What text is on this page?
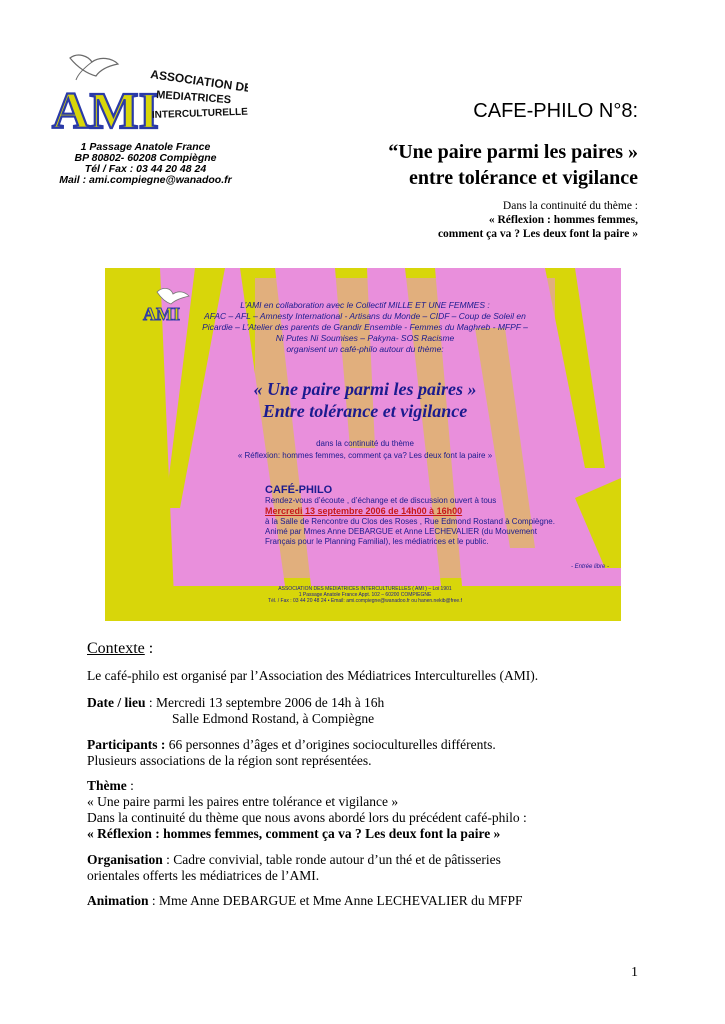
AMI
ASSOCIATION DES
MEDIATRICES
INTERCULTURELLES
1 Passage Anatole France
BP 80802- 60208 Compiègne
Tél / Fax : 03 44 20 48 24
Mail : ami.compiegne@wanadoo.fr
CAFE-PHILO N°8:
“Une paire parmi les paires »
entre tolérance et vigilance
Dans la continuité du thème :
« Réflexion : hommes femmes,
comment ça va ? Les deux font la paire »
AMI	L’AMI en collaboration avec le Collectif MILLE ET UNE FEMMES :
AFAC – AFL – Amnesty International - Artisans du Monde – CIDF – Coup de Soleil en
Picardie – L’Atelier des parents de Grandir Ensemble - Femmes du Maghreb - MFPF –
Ni Putes Ni Soumises – Pakyna- SOS Racisme
organisent un café-philo autour du thème:
« Une paire parmi les paires »
Entre tolérance et vigilance
dans la continuité du thème
« Réflexion: hommes femmes, comment ça va? Les deux font la paire »
CAFÉ-PHILO
Rendez-vous d’écoute , d’échange et de discussion ouvert à tous
Mercredi 13 septembre 2006 de 14h00 à 16h00
à la Salle de Rencontre du Clos des Roses , Rue Edmond Rostand à Compiègne.
Animé par Mmes Anne DEBARGUE et Anne LECHEVALIER (du Mouvement
Français pour le Planning Familial), les médiatrices et le public.
- Entrée libre -
ASSOCIATION DES MEDIATRICES INTERCULTURELLES ( AMI ) – Loi 1901
1 Passage Anatole France Appt. 102 – 60200 COMPIEGNE
Tél. / Fax : 03 44 20 48 24 • Email: ami.compiegne@wanadoo.fr ou hanen.nekib@free.f
Contexte :
Le café-philo est organisé par l’Association des Médiatrices Interculturelles (AMI).
Date / lieu : Mercredi 13 septembre 2006 de 14h à 16h
Salle Edmond Rostand, à Compiègne
Participants : 66 personnes d’âges et d’origines socioculturelles différents.
Plusieurs associations de la région sont représentées.
Thème :
« Une paire parmi les paires entre tolérance et vigilance »
Dans la continuité du thème que nous avons abordé lors du précédent café-philo :
« Réflexion : hommes femmes, comment ça va ? Les deux font la paire »
Organisation : Cadre convivial, table ronde autour d’un thé et de pâtisseries
orientales offerts les médiatrices de l’AMI.
Animation : Mme Anne DEBARGUE et Mme Anne LECHEVALIER du MFPF
1
